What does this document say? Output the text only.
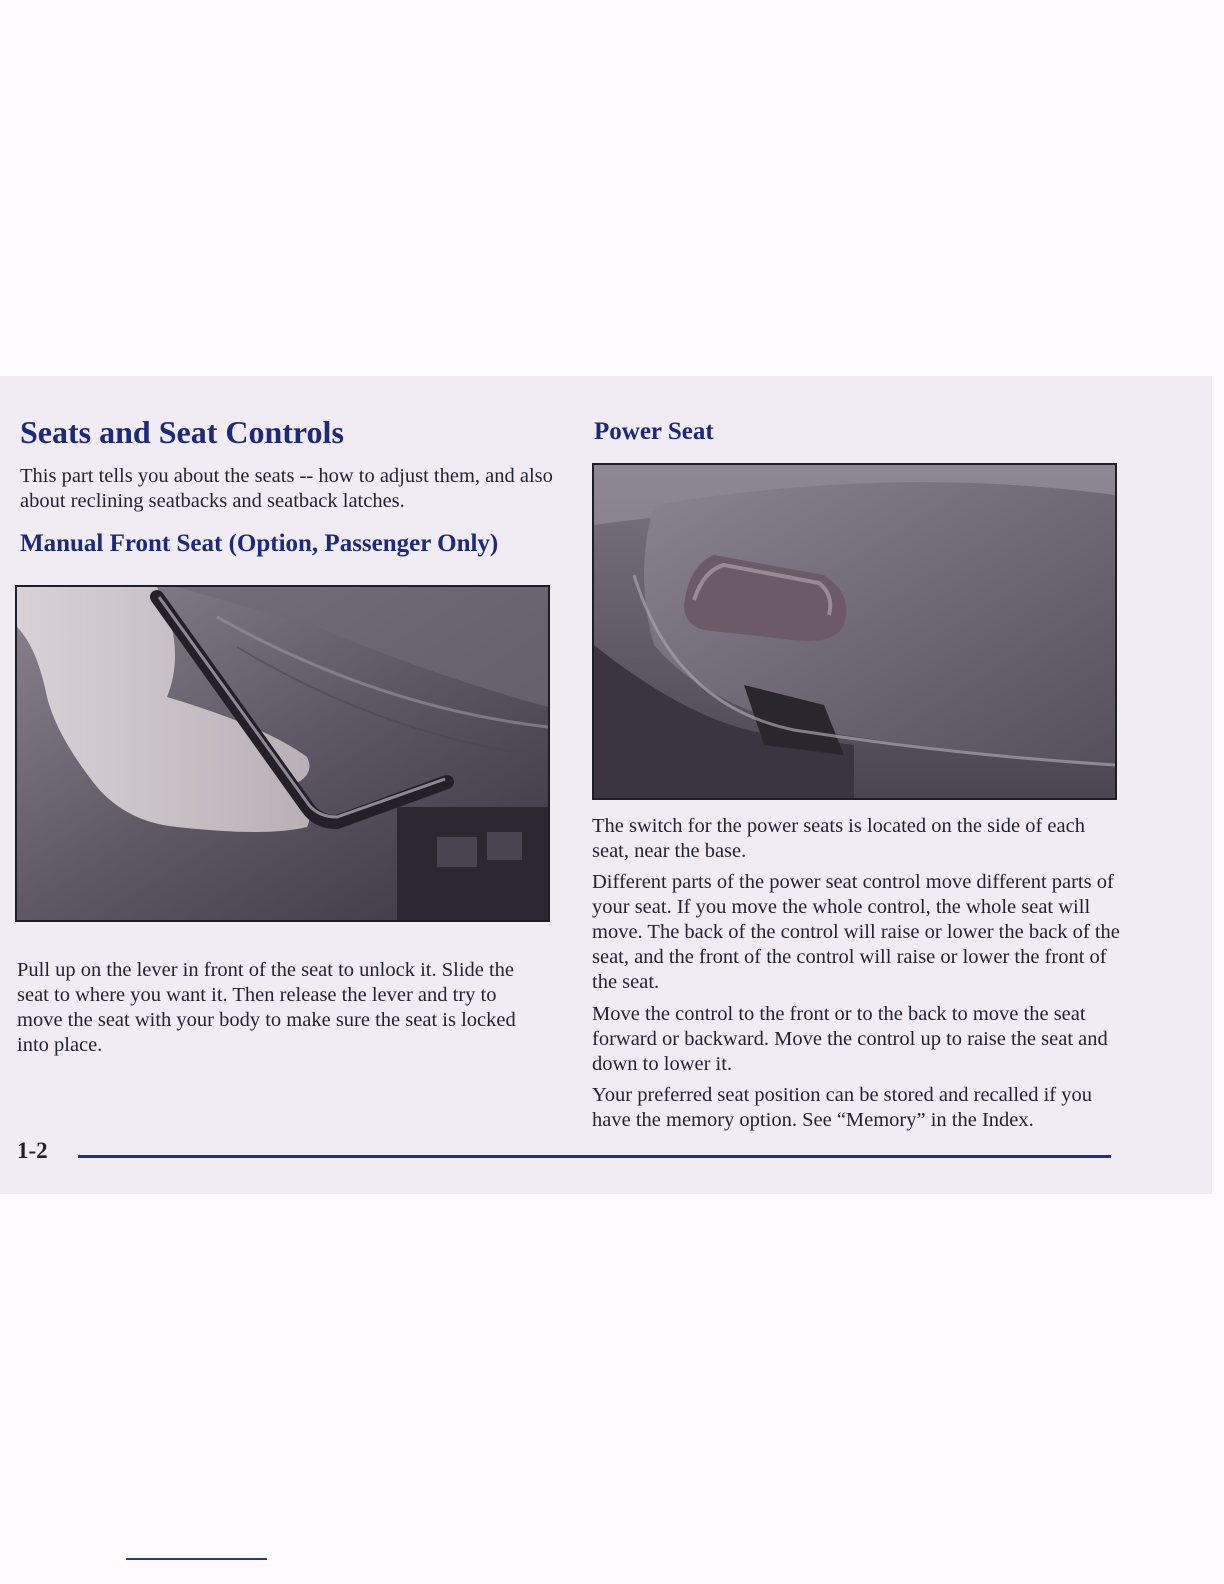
Seats and Seat Controls

This part tells you about the seats -- how to adjust them, and also about reclining seatbacks and seatback latches.

Manual Front Seat (Option, Passenger Only)

Pull up on the lever in front of the seat to unlock it. Slide the seat to where you want it. Then release the lever and try to move the seat with your body to make sure the seat is locked into place.

Power Seat

The switch for the power seats is located on the side of each seat, near the base.

Different parts of the power seat control move different parts of your seat. If you move the whole control, the whole seat will move. The back of the control will raise or lower the back of the seat, and the front of the control will raise or lower the front of the seat.

Move the control to the front or to the back to move the seat forward or backward. Move the control up to raise the seat and down to lower it.

Your preferred seat position can be stored and recalled if you have the memory option. See “Memory” in the Index.

1-2
